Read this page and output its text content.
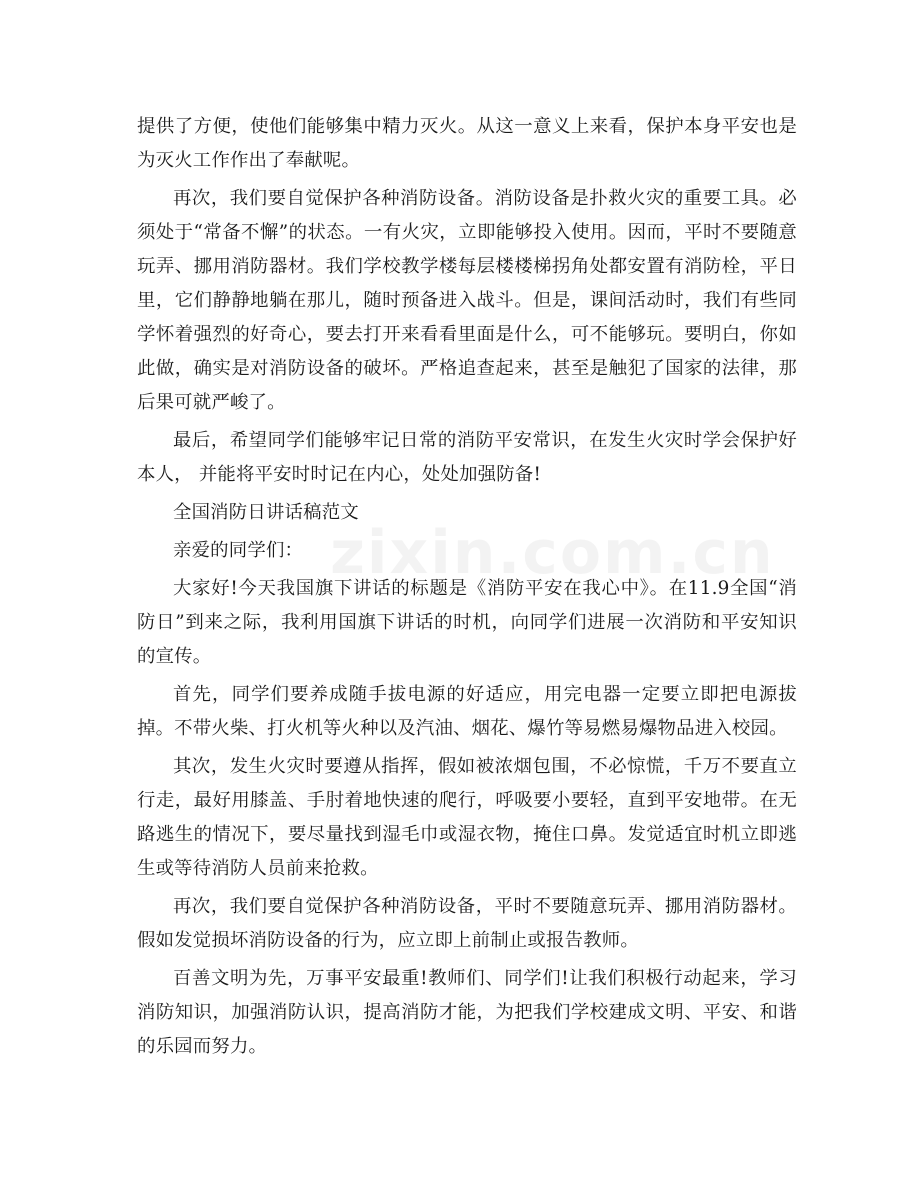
提供了方便，使他们能够集中精力灭火。从这一意义上来看，保护本身平安也是为灭火工作作出了奉献呢。

再次，我们要自觉保护各种消防设备。消防设备是扑救火灾的重要工具。必须处于“常备不懈”的状态。一有火灾，立即能够投入使用。因而，平时不要随意玩弄、挪用消防器材。我们学校教学楼每层楼楼梯拐角处都安置有消防栓，平日里，它们静静地躺在那儿，随时预备进入战斗。但是，课间活动时，我们有些同学怀着强烈的好奇心，要去打开来看看里面是什么，可不能够玩。要明白，你如此做，确实是对消防设备的破坏。严格追查起来，甚至是触犯了国家的法律，那后果可就严峻了。

最后，希望同学们能够牢记日常的消防平安常识，在发生火灾时学会保护好本人， 并能将平安时时记在内心，处处加强防备!

全国消防日讲话稿范文

亲爱的同学们：

大家好!今天我国旗下讲话的标题是《消防平安在我心中》。在11.9全国“消防日”到来之际，我利用国旗下讲话的时机，向同学们进展一次消防和平安知识的宣传。

首先，同学们要养成随手拔电源的好适应，用完电器一定要立即把电源拔掉。不带火柴、打火机等火种以及汽油、烟花、爆竹等易燃易爆物品进入校园。

其次，发生火灾时要遵从指挥，假如被浓烟包围，不必惊慌，千万不要直立行走，最好用膝盖、手肘着地快速的爬行，呼吸要小要轻，直到平安地带。在无路逃生的情况下，要尽量找到湿毛巾或湿衣物，掩住口鼻。发觉适宜时机立即逃生或等待消防人员前来抢救。

再次，我们要自觉保护各种消防设备，平时不要随意玩弄、挪用消防器材。假如发觉损坏消防设备的行为，应立即上前制止或报告教师。

百善文明为先，万事平安最重!教师们、同学们!让我们积极行动起来，学习消防知识，加强消防认识，提高消防才能，为把我们学校建成文明、平安、和谐的乐园而努力。
